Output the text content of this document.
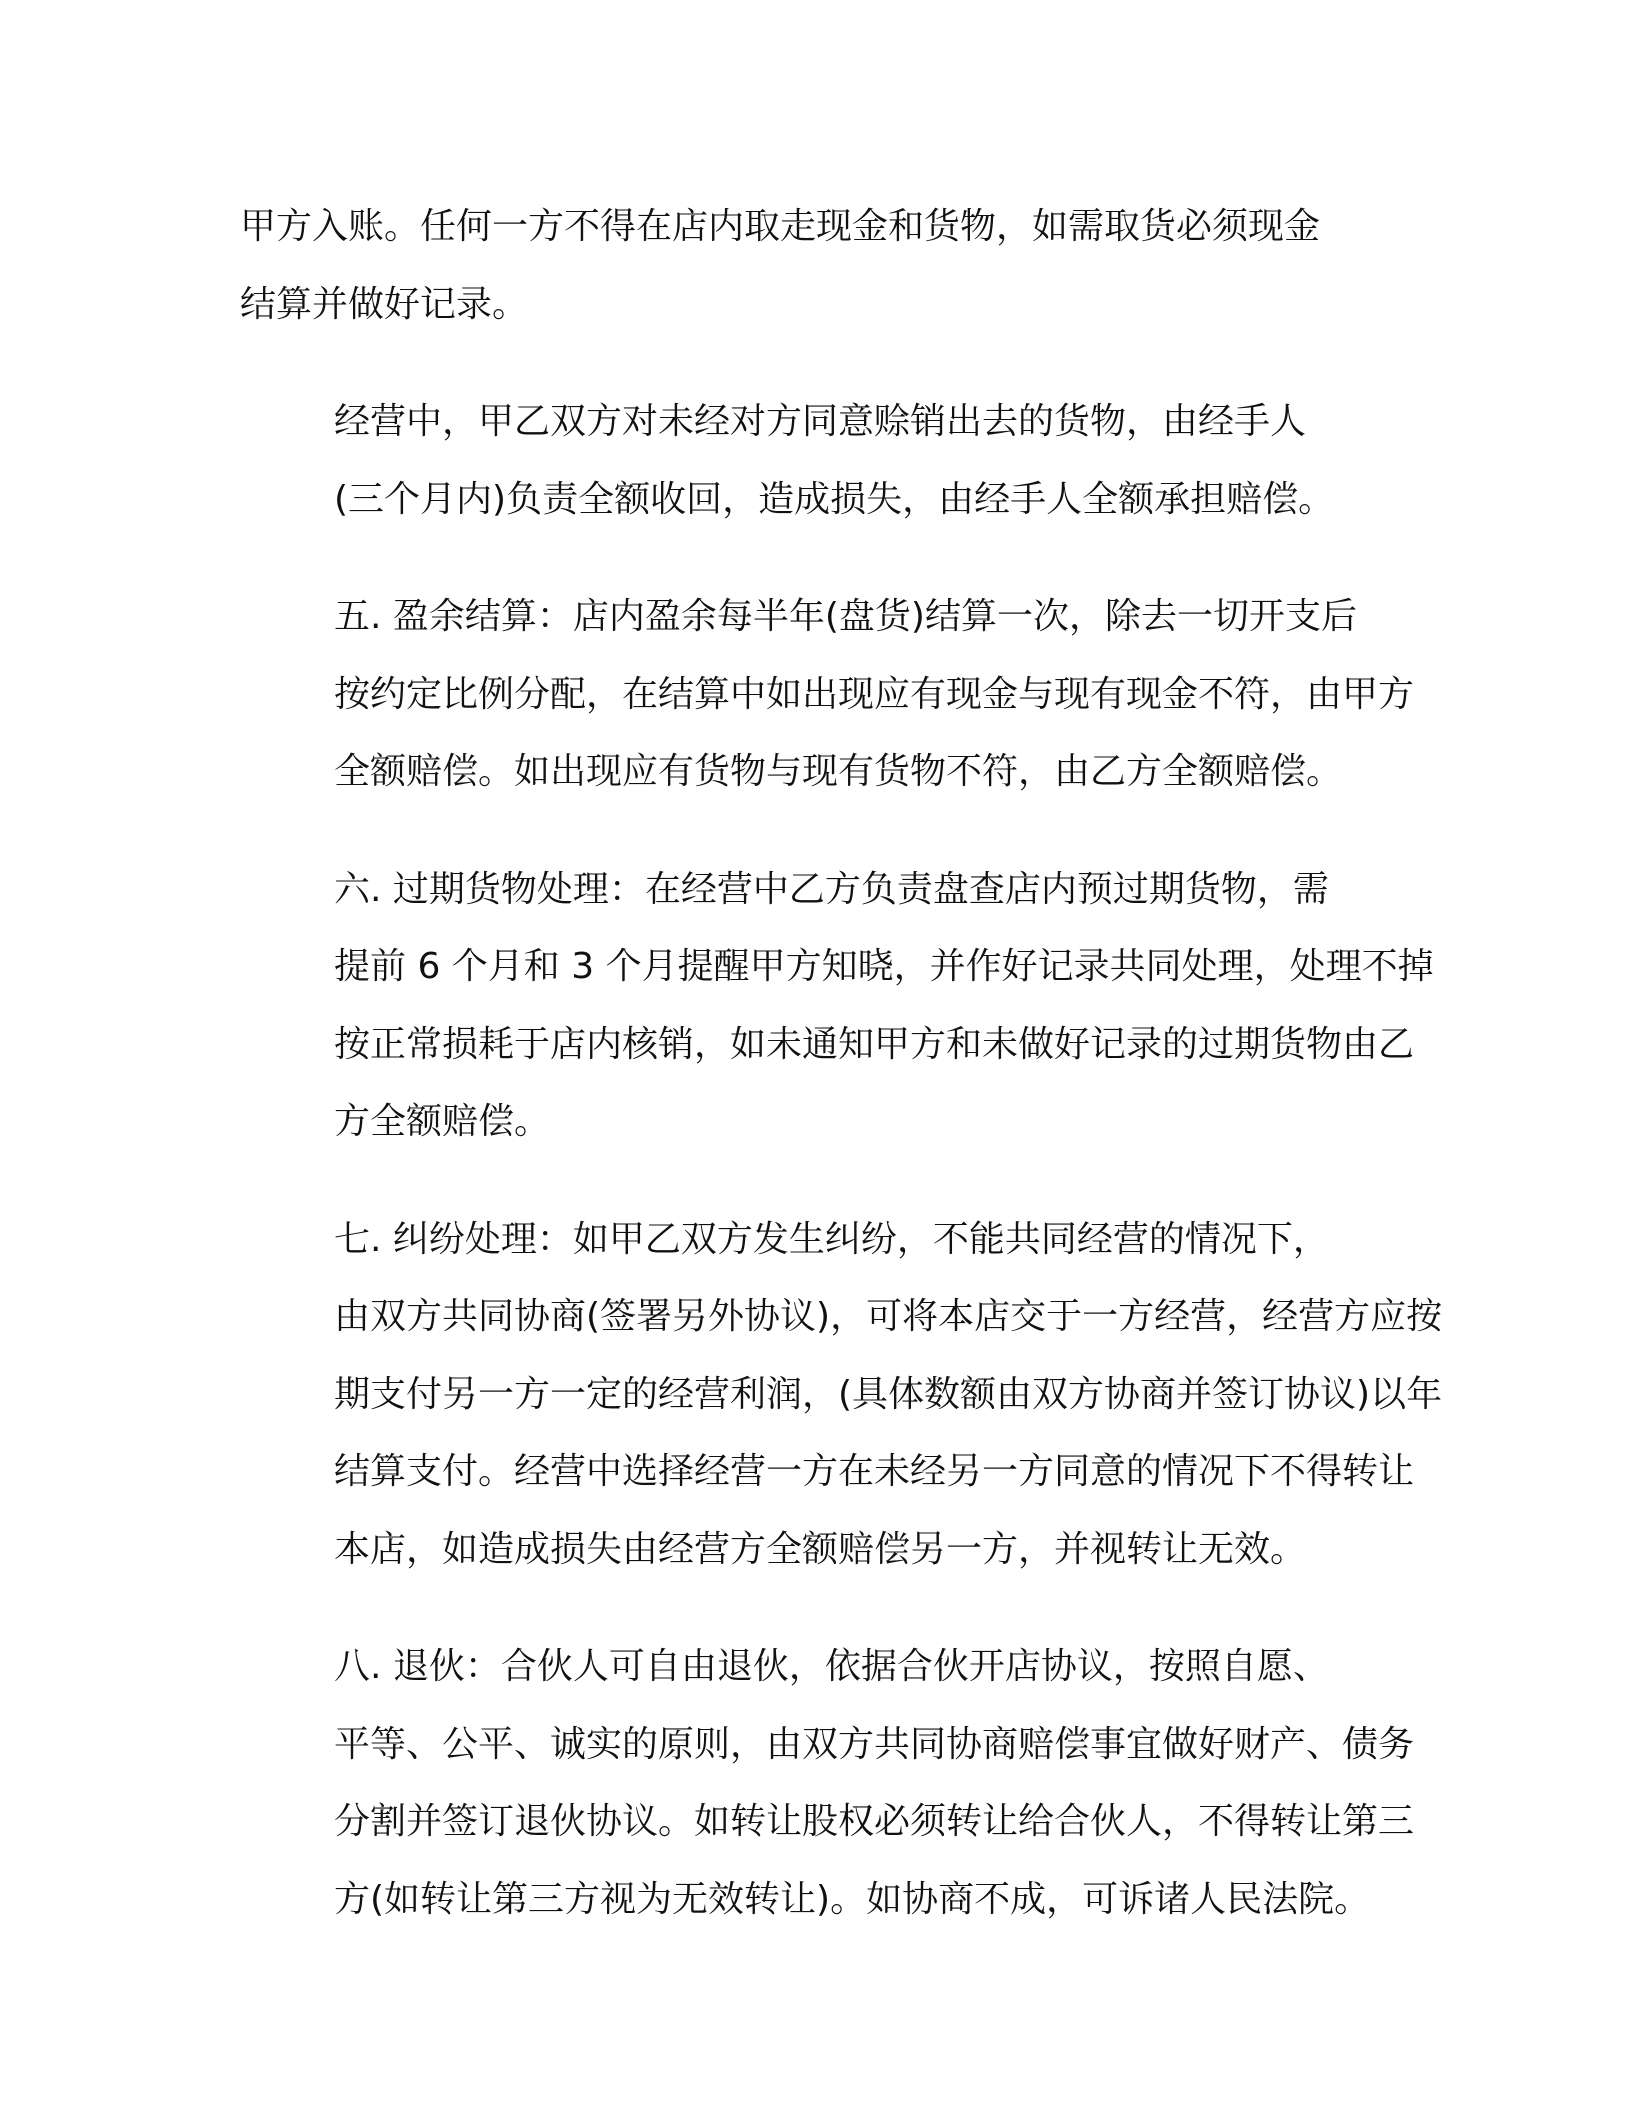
甲方入账。任何一方不得在店内取走现金和货物，如需取货必须现金
结算并做好记录。
经营中，甲乙双方对未经对方同意赊销出去的货物，由经手人
(三个月内)负责全额收回，造成损失，由经手人全额承担赔偿。
五. 盈余结算：店内盈余每半年(盘货)结算一次，除去一切开支后
按约定比例分配，在结算中如出现应有现金与现有现金不符，由甲方
全额赔偿。如出现应有货物与现有货物不符，由乙方全额赔偿。
六. 过期货物处理：在经营中乙方负责盘查店内预过期货物，需
提前 6 个月和 3 个月提醒甲方知晓，并作好记录共同处理，处理不掉
按正常损耗于店内核销，如未通知甲方和未做好记录的过期货物由乙
方全额赔偿。
七. 纠纷处理：如甲乙双方发生纠纷，不能共同经营的情况下，
由双方共同协商(签署另外协议)，可将本店交于一方经营，经营方应按
期支付另一方一定的经营利润，(具体数额由双方协商并签订协议)以年
结算支付。经营中选择经营一方在未经另一方同意的情况下不得转让
本店，如造成损失由经营方全额赔偿另一方，并视转让无效。
八. 退伙：合伙人可自由退伙，依据合伙开店协议，按照自愿、
平等、公平、诚实的原则，由双方共同协商赔偿事宜做好财产、债务
分割并签订退伙协议。如转让股权必须转让给合伙人，不得转让第三
方(如转让第三方视为无效转让)。如协商不成，可诉诸人民法院。
